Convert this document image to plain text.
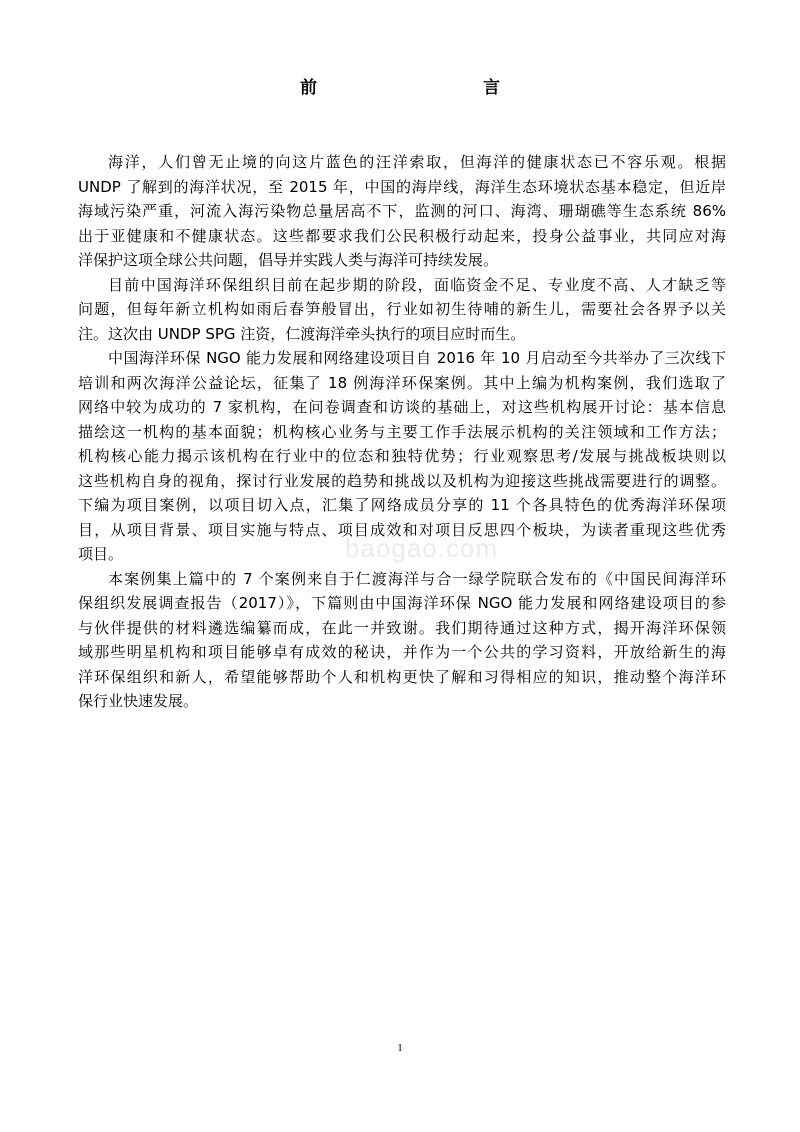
前　　言
海洋，人们曾无止境的向这片蓝色的汪洋索取，但海洋的健康状态已不容乐观。根据
UNDP 了解到的海洋状况，至 2015 年，中国的海岸线，海洋生态环境状态基本稳定，但近岸
海域污染严重，河流入海污染物总量居高不下，监测的河口、海湾、珊瑚礁等生态系统 86%
出于亚健康和不健康状态。这些都要求我们公民积极行动起来，投身公益事业，共同应对海
洋保护这项全球公共问题，倡导并实践人类与海洋可持续发展。
目前中国海洋环保组织目前在起步期的阶段，面临资金不足、专业度不高、人才缺乏等
问题，但每年新立机构如雨后春笋般冒出，行业如初生待哺的新生儿，需要社会各界予以关
注。这次由 UNDP SPG 注资，仁渡海洋牵头执行的项目应时而生。
中国海洋环保 NGO 能力发展和网络建设项目自 2016 年 10 月启动至今共举办了三次线下
培训和两次海洋公益论坛，征集了 18 例海洋环保案例。其中上编为机构案例，我们选取了
网络中较为成功的 7 家机构，在问卷调查和访谈的基础上，对这些机构展开讨论：基本信息
描绘这一机构的基本面貌；机构核心业务与主要工作手法展示机构的关注领域和工作方法；
机构核心能力揭示该机构在行业中的位态和独特优势；行业观察思考/发展与挑战板块则以
这些机构自身的视角，探讨行业发展的趋势和挑战以及机构为迎接这些挑战需要进行的调整。
下编为项目案例，以项目切入点，汇集了网络成员分享的 11 个各具特色的优秀海洋环保项
目，从项目背景、项目实施与特点、项目成效和对项目反思四个板块，为读者重现这些优秀
项目。
本案例集上篇中的 7 个案例来自于仁渡海洋与合一绿学院联合发布的《中国民间海洋环
保组织发展调查报告（2017）》，下篇则由中国海洋环保 NGO 能力发展和网络建设项目的参
与伙伴提供的材料遴选编纂而成，在此一并致谢。我们期待通过这种方式，揭开海洋环保领
域那些明星机构和项目能够卓有成效的秘诀，并作为一个公共的学习资料，开放给新生的海
洋环保组织和新人，希望能够帮助个人和机构更快了解和习得相应的知识，推动整个海洋环
保行业快速发展。
baogao.com
1
